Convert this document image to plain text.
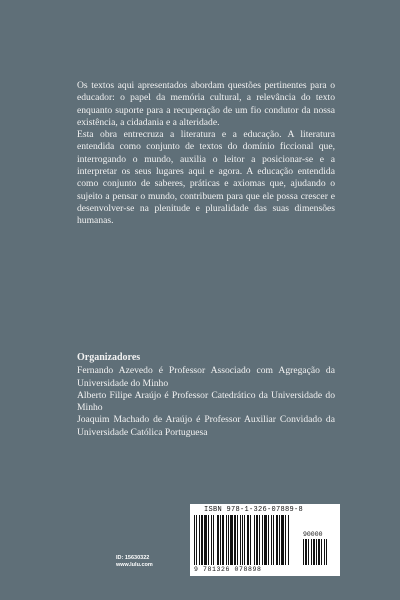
Os textos aqui apresentados abordam questões pertinentes para o educador: o papel da memória cultural, a relevância do texto enquanto suporte para a recuperação de um fio condutor da nossa existência, a cidadania e a alteridade.

Esta obra entrecruza a literatura e a educação. A literatura entendida como conjunto de textos do domínio ficcional que, interrogando o mundo, auxilia o leitor a posicionar-se e a interpretar os seus lugares aqui e agora. A educação entendida como conjunto de saberes, práticas e axiomas que, ajudando o sujeito a pensar o mundo, contribuem para que ele possa crescer e desenvolver-se na plenitude e pluralidade das suas dimensões humanas.

Organizadores

Fernando Azevedo é Professor Associado com Agregação da Universidade do Minho

Alberto Filipe Araújo é Professor Catedrático da Universidade do Minho

Joaquim Machado de Araújo é Professor Auxiliar Convidado da Universidade Católica Portuguesa

ID: 15630322
www.lulu.com
ISBN 978-1-326-07889-8
90000
9 781326 078898
